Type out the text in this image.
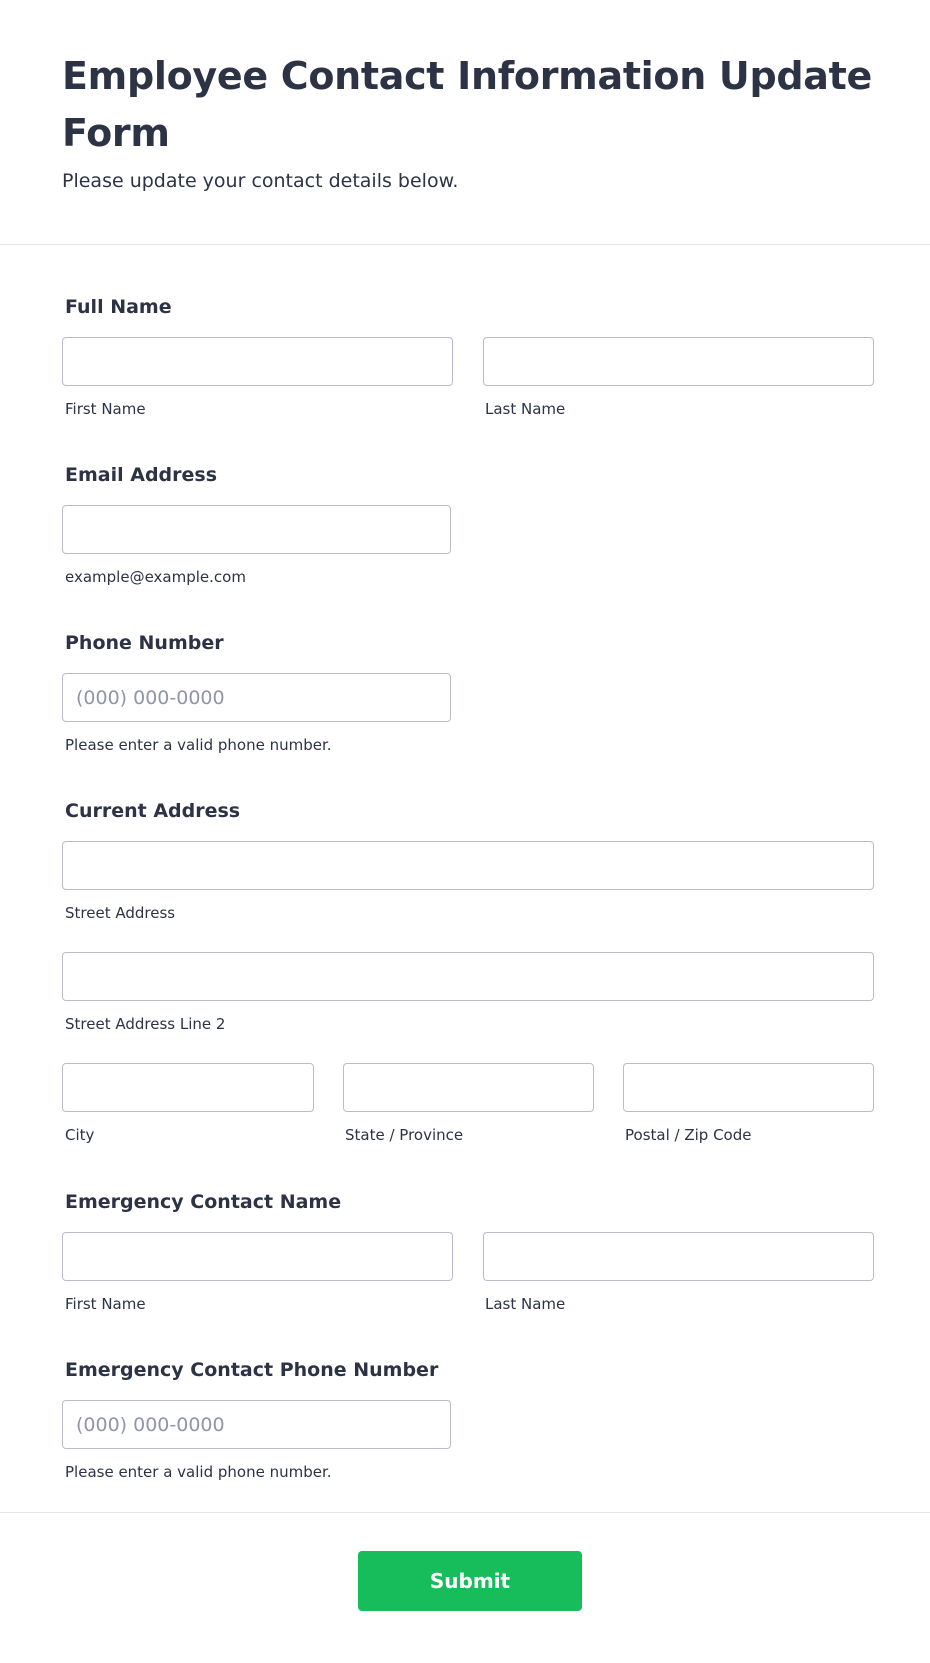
Employee Contact Information Update Form
Please update your contact details below.
Full Name
First Name	Last Name
Email Address
example@example.com
Phone Number
(000) 000-0000
Please enter a valid phone number.
Current Address
Street Address
Street Address Line 2
City	State / Province	Postal / Zip Code
Emergency Contact Name
First Name	Last Name
Emergency Contact Phone Number
(000) 000-0000
Please enter a valid phone number.
Submit
